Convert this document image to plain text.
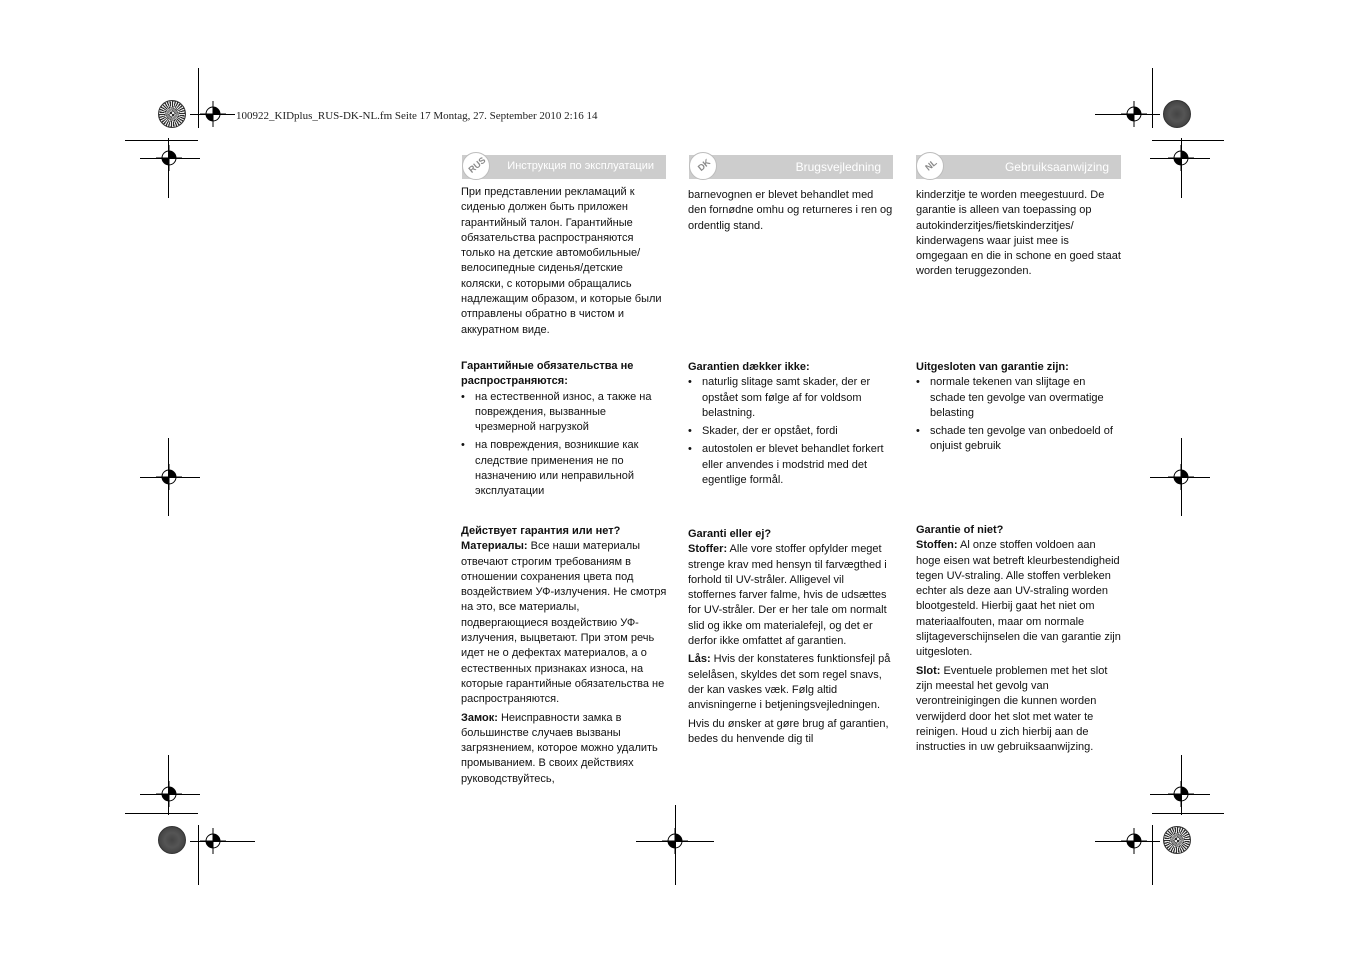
100922_KIDplus_RUS-DK-NL.fm Seite 17 Montag, 27. September 2010 2:16 14
RUS Инструкция по эксплуатации

При представлении рекламаций к сиденью должен быть приложен гарантийный талон. Гарантийные обязательства распространяются только на детские автомобильные/ велосипедные сиденья/детские коляски, с которыми обращались надлежащим образом, и которые были отправлены обратно в чистом и аккуратном виде.

Гарантийные обязательства не распространяются:

• на естественной износ, а также на повреждения, вызванные чрезмерной нагрузкой
• на повреждения, возникшие как следствие применения не по назначению или неправильной эксплуатации

Действует гарантия или нет?

Материалы: Все наши материалы отвечают строгим требованиям в отношении сохранения цвета под воздействием УФ-излучения. Не смотря на это, все материалы, подвергающиеся воздействию УФ-излучения, выцветают. При этом речь идет не о дефектах материалов, а о естественных признаках износа, на которые гарантийные обязательства не распространяются.

Замок: Неисправности замка в большинстве случаев вызваны загрязнением, которое можно удалить промыванием. В своих действиях руководствуйтесь,

DK	Brugsvejledning

barnevognen er blevet behandlet med den fornødne omhu og returneres i ren og ordentlig stand.

Garantien dækker ikke:

• naturlig slitage samt skader, der er opstået som følge af for voldsom belastning.
• Skader, der er opstået, fordi
• autostolen er blevet behandlet forkert eller anvendes i modstrid med det egentlige formål.

Garanti eller ej?

Stoffer: Alle vore stoffer opfylder meget strenge krav med hensyn til farvægthed i forhold til UV-stråler. Alligevel vil stoffernes farver falme, hvis de udsættes for UV-stråler. Der er her tale om normalt slid og ikke om materialefejl, og det er derfor ikke omfattet af garantien.

Lås: Hvis der konstateres funktionsfejl på selelåsen, skyldes det som regel snavs, der kan vaskes væk. Følg altid anvisningerne i betjeningsvejledningen.

Hvis du ønsker at gøre brug af garantien, bedes du henvende dig til

NL	Gebruiksaanwijzing

kinderzitje te worden meegestuurd. De garantie is alleen van toepassing op autokinderzitjes/fietskinderzitjes/ kinderwagens waar juist mee is omgegaan en die in schone en goed staat worden teruggezonden.

Uitgesloten van garantie zijn:

• normale tekenen van slijtage en schade ten gevolge van overmatige belasting
• schade ten gevolge van onbedoeld of onjuist gebruik

Garantie of niet?

Stoffen: Al onze stoffen voldoen aan hoge eisen wat betreft kleurbestendigheid tegen UV-straling. Alle stoffen verbleken echter als deze aan UV-straling worden blootgesteld. Hierbij gaat het niet om materiaalfouten, maar om normale slijtageverschijnselen die van garantie zijn uitgesloten.

Slot: Eventuele problemen met het slot zijn meestal het gevolg van verontreinigingen die kunnen worden verwijderd door het slot met water te reinigen. Houd u zich hierbij aan de instructies in uw gebruiksaanwijzing.
